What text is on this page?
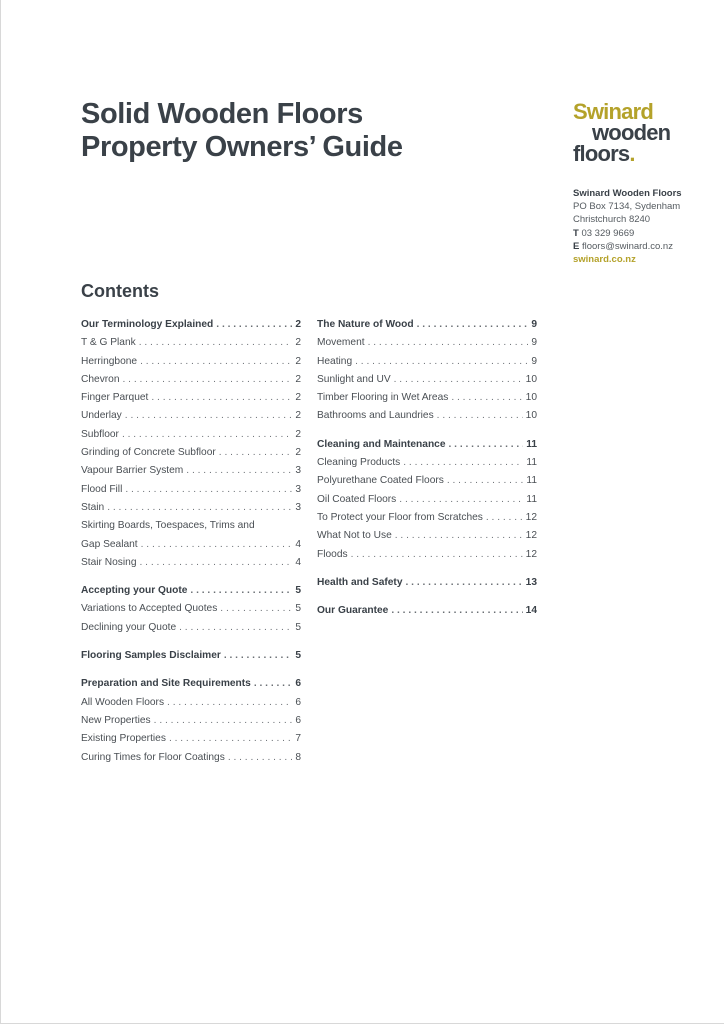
Solid Wooden Floors
Property Owners’ Guide
Swinard
wooden
floors.
Swinard Wooden Floors
PO Box 7134, Sydenham
Christchurch 8240
T 03 329 9669
E floors@swinard.co.nz
swinard.co.nz
Contents
Our Terminology Explained . . .	2
T & G Plank . . .	2
Herringbone . . .	2
Chevron . . .	2
Finger Parquet . . .	2
Underlay . . .	2
Subfloor . . .	2
Grinding of Concrete Subfloor . . .	2
Vapour Barrier System . . .	3
Flood Fill . . .	3
Stain . . .	3
Skirting Boards, Toespaces, Trims and
Gap Sealant . . .	4
Stair Nosing . . .	4
Accepting your Quote . . .	5
Variations to Accepted Quotes . . .	5
Declining your Quote . . .	5
Flooring Samples Disclaimer . . .	5
Preparation and Site Requirements . . .	6
All Wooden Floors . . .	6
New Properties . . .	6
Existing Properties . . .	7
Curing Times for Floor Coatings . . .	8
The Nature of Wood . . .	9
Movement . . .	9
Heating . . .	9
Sunlight and UV . . .	10
Timber Flooring in Wet Areas . . .	10
Bathrooms and Laundries . . .	10
Cleaning and Maintenance . . .	11
Cleaning Products . . .	11
Polyurethane Coated Floors . . .	11
Oil Coated Floors . . .	11
To Protect your Floor from Scratches . . .	12
What Not to Use . . .	12
Floods . . .	12
Health and Safety . . .	13
Our Guarantee . . .	14
